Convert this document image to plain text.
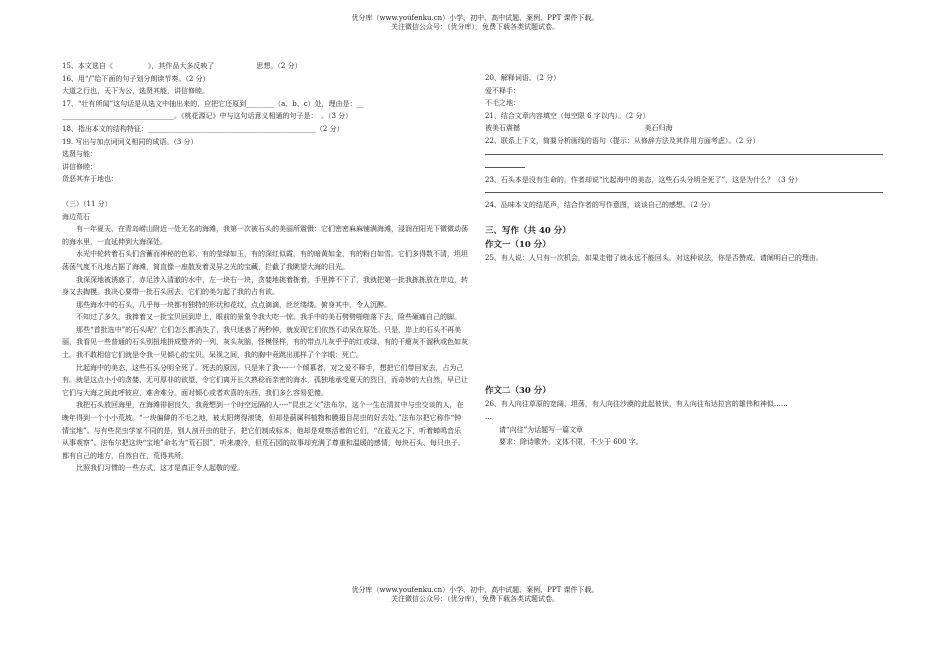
优分库（www.youfenku.cn）小学、初中、高中试题、案例、PPT 课件下载。
关注微信公众号：（优分库），免费下载各类试题试卷。

15、本文选自《　　　　　》，其作品大多反映了　　　　　　思想。（2 分）

16、用“/”给下面的句子划分朗读节奏。（2 分）

大道之行也，天下为公，选贤其能，讲信修睦。

17、“壮有所闻”这句话是从选文中抽出来的，应把它还原到________（a、b、c）处，理由是：__

________________________________。《桃花源记》中与这句话意义相通的句子是：　。（3 分）

18、指出本文的结构特征：________________________________________________（2 分）

19. 写出与加点词词义相同的成语。（3 分）

选贤与能：

讲信修睦：

货恶其弃于地也：

（三）（11 分）

海边荒石

有一年夏天，在青岛崂山附近一处无名的海滩，我第一次被石头的美丽所震慑：它们密密麻麻铺满海滩，浸润在阳光下微微动荡的海水里，一直延伸到大海深处。

水光中轮转着石头们含蓄而神秘的色彩，有的莹绿如玉，有的深红似霞，有的暗黄如金，有的粉白如雪。它们多得数不清，坦坦荡荡气度不凡地占据了海滩，简直像一座散发着灵异之光的宝藏，拦截了我眺望大海的目光。

我深深地被诱惑了，赤足涉入清澈的水中，左一块右一块，贪婪地挑着拣着，手里捧不下了，我就把第一批我拣拣放在岸边，转身又去掏摸。我决心要带一批石头回去，它们的美匀起了我的占有欲。

那些海水中的石头，几乎每一块都有独特的形状和花纹，点点滴滴，丝丝缕缕。俯身其中，令人沉醉。

不知过了多久，我捧着又一批宝贝回到岸上，眼前的景象令我大吃一惊。我手中的美石劈劈啪啪落下去，险些砸痛自己的脚。

那些“首批选中”的石头呢？它们怎么都消失了，我只迷惑了两秒钟，就发现它们依然不动呆在原处。只是，岸上的石头不再美丽，我看见一些普通的石头别扭地拼成整齐的一列，灰头灰脑，怪模怪样，有的带点儿灰乎乎的红或绿，有的干瘪灰不溜秋或色如灰土。我不敢相信它们就是令我一见倾心的宝贝。呆视之间，我的胸中竟跳出那样了个字眼：死亡。

比起海中的美态，这些石头分明全死了。死去的原因，只是来了我----一个倾慕者，对之爱不释手，想把它们带回家去，占为己有。就是这点小小的贪婪，无可厚非的欲望，令它们离开长久熟稔而亲密的海水，孤独地承受夏天的烈日，而奇妙的大自然，早已让它们与大海之间此呼彼应，难舍难分。面对倾心或者欢喜的东西，我们多么容易犯傻。

我把石头放回海里，在海滩徘徊良久，我竟想到一个时空远隔的人----“昆虫之父”法布尔。这个一生在清贫中与虫交谈的人，在晚年得到一个小小荒坡。“一块偏僻的不毛之地，被太阳烤得滚烫，但却是蓟属科植物和膜翅目昆虫的好去处。”法布尔把它称作“钟情宝地”。与有些昆虫学家不同的是，别人剖开虫的肚子，把它们制成标本，他却是观察活着的它们，“在蓝天之下，听着蝉鸣音乐从事观察”。法布尔把这块“宝地”命名为“荒石园”，听来凄冷，但荒石园的故事却充满了尊重和温暖的感情，每块石头、每只虫子，都有自己的地方，自然自在，荒得其所。

比照我们习惯的一些方式，这才是真正令人起敬的爱。

20、解释词语。（2 分）

爱不释手：

不毛之地：

21、结合文章内容填空（每空限 6 字以内）。（2 分）

被美石震撼	美石归海

22、联系上下文，简要分析画线的语句（提示：从修辞方法及其作用方面考虑）。（2 分）

23、石头本是没有生命的，作者却说“比起海中的美态，这些石头分明全死了”，这是为什么？（3 分）

24、品味本文的结尾声，结合作者的写作意图，谈谈自己的感想。（2 分）

三、写作（共 40 分）

作文一（10 分）

25、有人说：人只有一次机会，如果走错了就永远不能回头，对这种说法，你是否赞成，请阐明自己的理由。

作文二（30 分）

26、有人向往草原的宽阔、坦荡，有人向往沙漠的此起彼伏，有人向往布达拉宫的雄伟和神似……

…

请“向往”为话题写一篇文章

要求：除诗歌外，文体不限，不少于 600 字。

优分库（www.youfenku.cn）小学、初中、高中试题、案例、PPT 课件下载。
关注微信公众号：（优分库），免费下载各类试题试卷。
